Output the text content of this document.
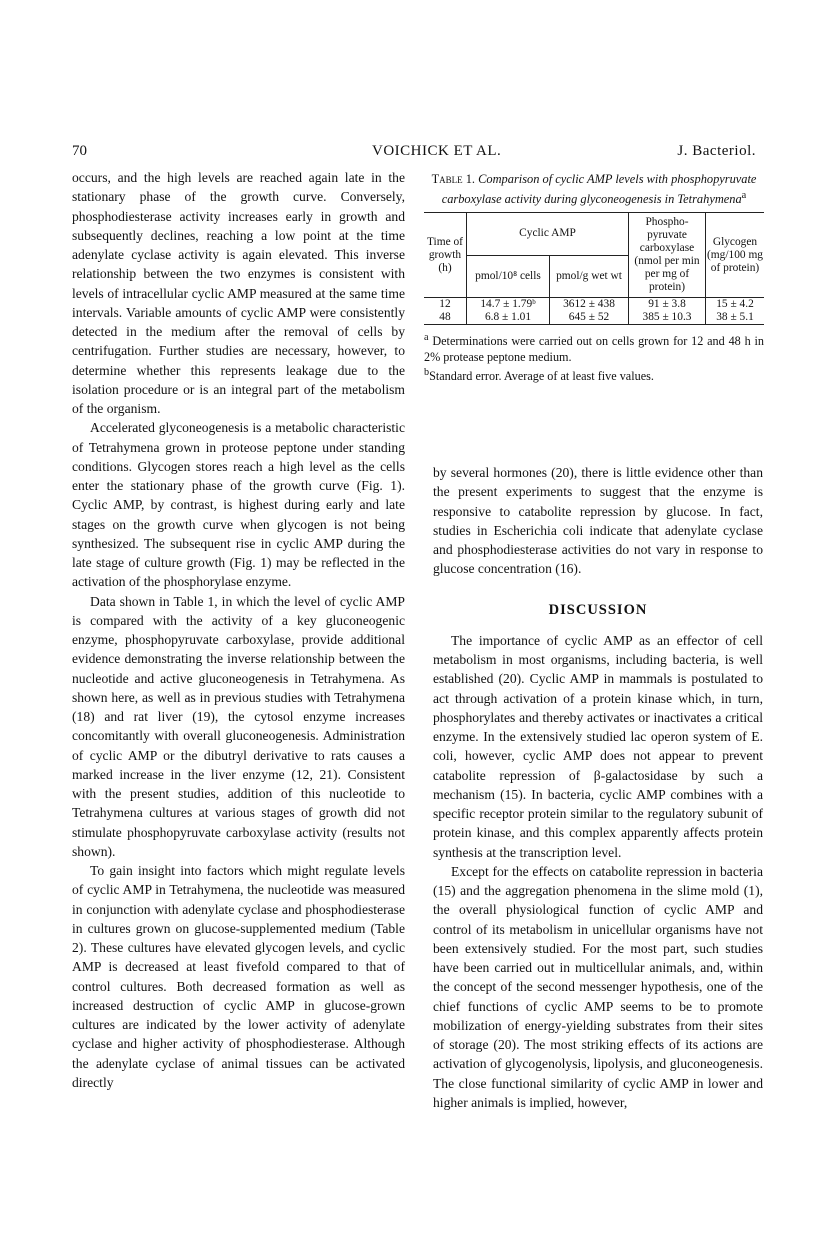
70	VOICHICK ET AL.	J. Bacteriol.

occurs, and the high levels are reached again late in the stationary phase of the growth curve. Conversely, phosphodiesterase activity increases early in growth and subsequently declines, reaching a low point at the time adenylate cyclase activity is again elevated. This inverse relationship between the two enzymes is consistent with levels of intracellular cyclic AMP measured at the same time intervals. Variable amounts of cyclic AMP were consistently detected in the medium after the removal of cells by centrifugation. Further studies are necessary, however, to determine whether this represents leakage due to the isolation procedure or is an integral part of the metabolism of the organism.

Accelerated glyconeogenesis is a metabolic characteristic of Tetrahymena grown in proteose peptone under standing conditions. Glycogen stores reach a high level as the cells enter the stationary phase of the growth curve (Fig. 1). Cyclic AMP, by contrast, is highest during early and late stages on the growth curve when glycogen is not being synthesized. The subsequent rise in cyclic AMP during the late stage of culture growth (Fig. 1) may be reflected in the activation of the phosphorylase enzyme.

Data shown in Table 1, in which the level of cyclic AMP is compared with the activity of a key gluconeogenic enzyme, phosphopyruvate carboxylase, provide additional evidence demonstrating the inverse relationship between the nucleotide and active gluconeogenesis in Tetrahymena. As shown here, as well as in previous studies with Tetrahymena (18) and rat liver (19), the cytosol enzyme increases concomitantly with overall gluconeogenesis. Administration of cyclic AMP or the dibutryl derivative to rats causes a marked increase in the liver enzyme (12, 21). Consistent with the present studies, addition of this nucleotide to Tetrahymena cultures at various stages of growth did not stimulate phosphopyruvate carboxylase activity (results not shown).

To gain insight into factors which might regulate levels of cyclic AMP in Tetrahymena, the nucleotide was measured in conjunction with adenylate cyclase and phosphodiesterase in cultures grown on glucose-supplemented medium (Table 2). These cultures have elevated glycogen levels, and cyclic AMP is decreased at least fivefold compared to that of control cultures. Both decreased formation as well as increased destruction of cyclic AMP in glucose-grown cultures are indicated by the lower activity of adenylate cyclase and higher activity of phosphodiesterase. Although the adenylate cyclase of animal tissues can be activated directly

Table 1. Comparison of cyclic AMP levels with phosphopyruvate carboxylase activity during glyconeogenesis in Tetrahymena$^a$
Time of growth (h)	Cyclic AMP		Phospho-pyruvate carboxylase (nmol per min per mg of protein)	Glycogen (mg/100 mg of protein)
	pmol/10⁸ cells	pmol/g wet wt		
12	14.7 ± 1.79ᵇ	3612 ± 438	91 ± 3.8	15 ± 4.2
48	6.8 ± 1.01	645 ± 52	385 ± 10.3	38 ± 5.1
$^a$ Determinations were carried out on cells grown for 12 and 48 h in 2% protease peptone medium.
$^b$Standard error. Average of at least five values.

by several hormones (20), there is little evidence other than the present experiments to suggest that the enzyme is responsive to catabolite repression by glucose. In fact, studies in Escherichia coli indicate that adenylate cyclase and phosphodiesterase activities do not vary in response to glucose concentration (16).

DISCUSSION

The importance of cyclic AMP as an effector of cell metabolism in most organisms, including bacteria, is well established (20). Cyclic AMP in mammals is postulated to act through activation of a protein kinase which, in turn, phosphorylates and thereby activates or inactivates a critical enzyme. In the extensively studied lac operon system of E. coli, however, cyclic AMP does not appear to prevent catabolite repression of β-galactosidase by such a mechanism (15). In bacteria, cyclic AMP combines with a specific receptor protein similar to the regulatory subunit of protein kinase, and this complex apparently affects protein synthesis at the transcription level.

Except for the effects on catabolite repression in bacteria (15) and the aggregation phenomena in the slime mold (1), the overall physiological function of cyclic AMP and control of its metabolism in unicellular organisms have not been extensively studied. For the most part, such studies have been carried out in multicellular animals, and, within the concept of the second messenger hypothesis, one of the chief functions of cyclic AMP seems to be to promote mobilization of energy-yielding substrates from their sites of storage (20). The most striking effects of its actions are activation of glycogenolysis, lipolysis, and gluconeogenesis. The close functional similarity of cyclic AMP in lower and higher animals is implied, however,
